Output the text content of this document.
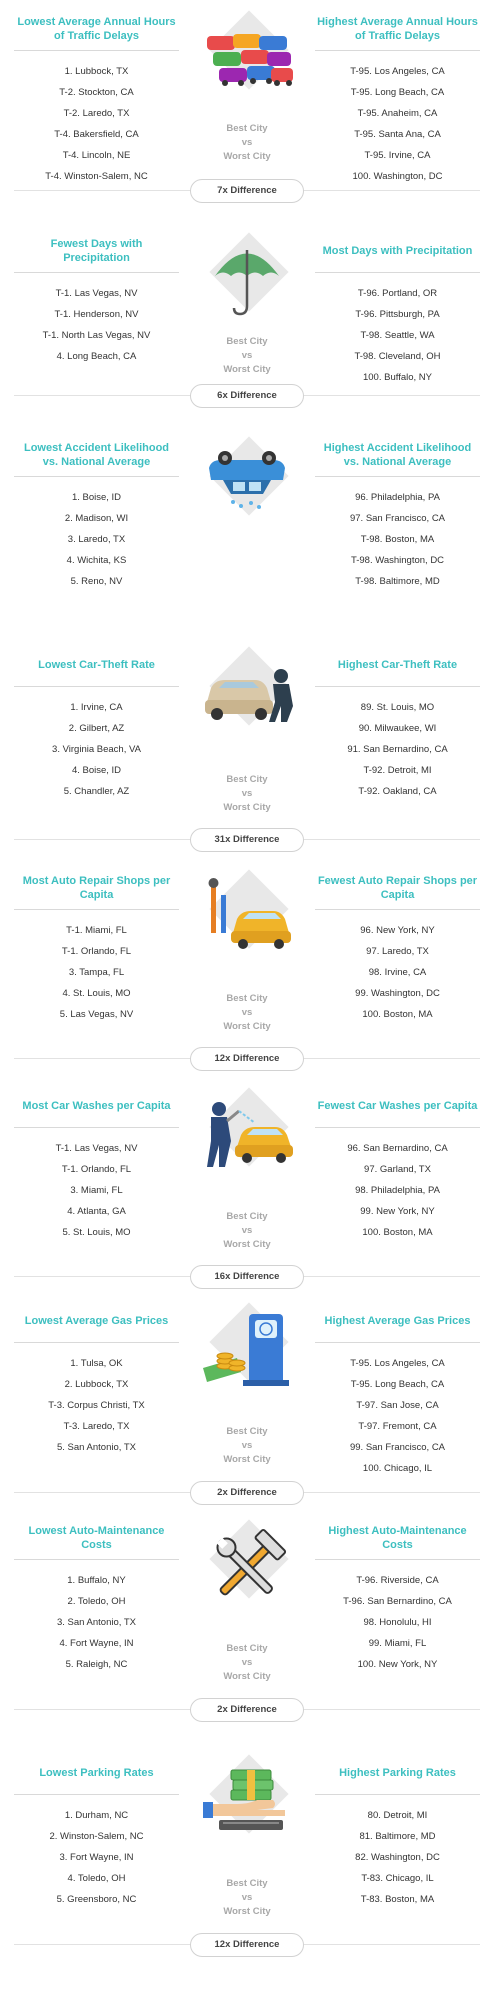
Lowest Average Annual Hours of Traffic Delays
1. Lubbock, TX
T-2. Stockton, CA
T-2. Laredo, TX
T-4. Bakersfield, CA
T-4. Lincoln, NE
T-4. Winston-Salem, NC
Highest Average Annual Hours of Traffic Delays
T-95. Los Angeles, CA
T-95. Long Beach, CA
T-95. Anaheim, CA
T-95. Santa Ana, CA
T-95. Irvine, CA
100. Washington, DC
Best City
vs
Worst City
7x Difference
Fewest Days with Precipitation
T-1. Las Vegas, NV
T-1. Henderson, NV
T-1. North Las Vegas, NV
4. Long Beach, CA
Most Days with Precipitation
T-96. Portland, OR
T-96. Pittsburgh, PA
T-98. Seattle, WA
T-98. Cleveland, OH
100. Buffalo, NY
Best City
vs
Worst City
6x Difference
Lowest Accident Likelihood vs. National Average
1. Boise, ID
2. Madison, WI
3. Laredo, TX
4. Wichita, KS
5. Reno, NV
Highest Accident Likelihood vs. National Average
96. Philadelphia, PA
97. San Francisco, CA
T-98. Boston, MA
T-98. Washington, DC
T-98. Baltimore, MD
Lowest Car-Theft Rate
1. Irvine, CA
2. Gilbert, AZ
3. Virginia Beach, VA
4. Boise, ID
5. Chandler, AZ
Highest Car-Theft Rate
89. St. Louis, MO
90. Milwaukee, WI
91. San Bernardino, CA
T-92. Detroit, MI
T-92. Oakland, CA
Best City
vs
Worst City
31x Difference
Most Auto Repair Shops per Capita
T-1. Miami, FL
T-1. Orlando, FL
3. Tampa, FL
4. St. Louis, MO
5. Las Vegas, NV
Fewest Auto Repair Shops per Capita
96. New York, NY
97. Laredo, TX
98. Irvine, CA
99. Washington, DC
100. Boston, MA
Best City
vs
Worst City
12x Difference
Most Car Washes per Capita
T-1. Las Vegas, NV
T-1. Orlando, FL
3. Miami, FL
4. Atlanta, GA
5. St. Louis, MO
Fewest Car Washes per Capita
96. San Bernardino, CA
97. Garland, TX
98. Philadelphia, PA
99. New York, NY
100. Boston, MA
Best City
vs
Worst City
16x Difference
Lowest Average Gas Prices
1. Tulsa, OK
2. Lubbock, TX
T-3. Corpus Christi, TX
T-3. Laredo, TX
5. San Antonio, TX
Highest Average Gas Prices
T-95. Los Angeles, CA
T-95. Long Beach, CA
T-97. San Jose, CA
T-97. Fremont, CA
99. San Francisco, CA
100. Chicago, IL
Best City
vs
Worst City
2x Difference
Lowest Auto-Maintenance Costs
1. Buffalo, NY
2. Toledo, OH
3. San Antonio, TX
4. Fort Wayne, IN
5. Raleigh, NC
Highest Auto-Maintenance Costs
T-96. Riverside, CA
T-96. San Bernardino, CA
98. Honolulu, HI
99. Miami, FL
100. New York, NY
Best City
vs
Worst City
2x Difference
Lowest Parking Rates
1. Durham, NC
2. Winston-Salem, NC
3. Fort Wayne, IN
4. Toledo, OH
5. Greensboro, NC
Highest Parking Rates
80. Detroit, MI
81. Baltimore, MD
82. Washington, DC
T-83. Chicago, IL
T-83. Boston, MA
Best City
vs
Worst City
12x Difference
